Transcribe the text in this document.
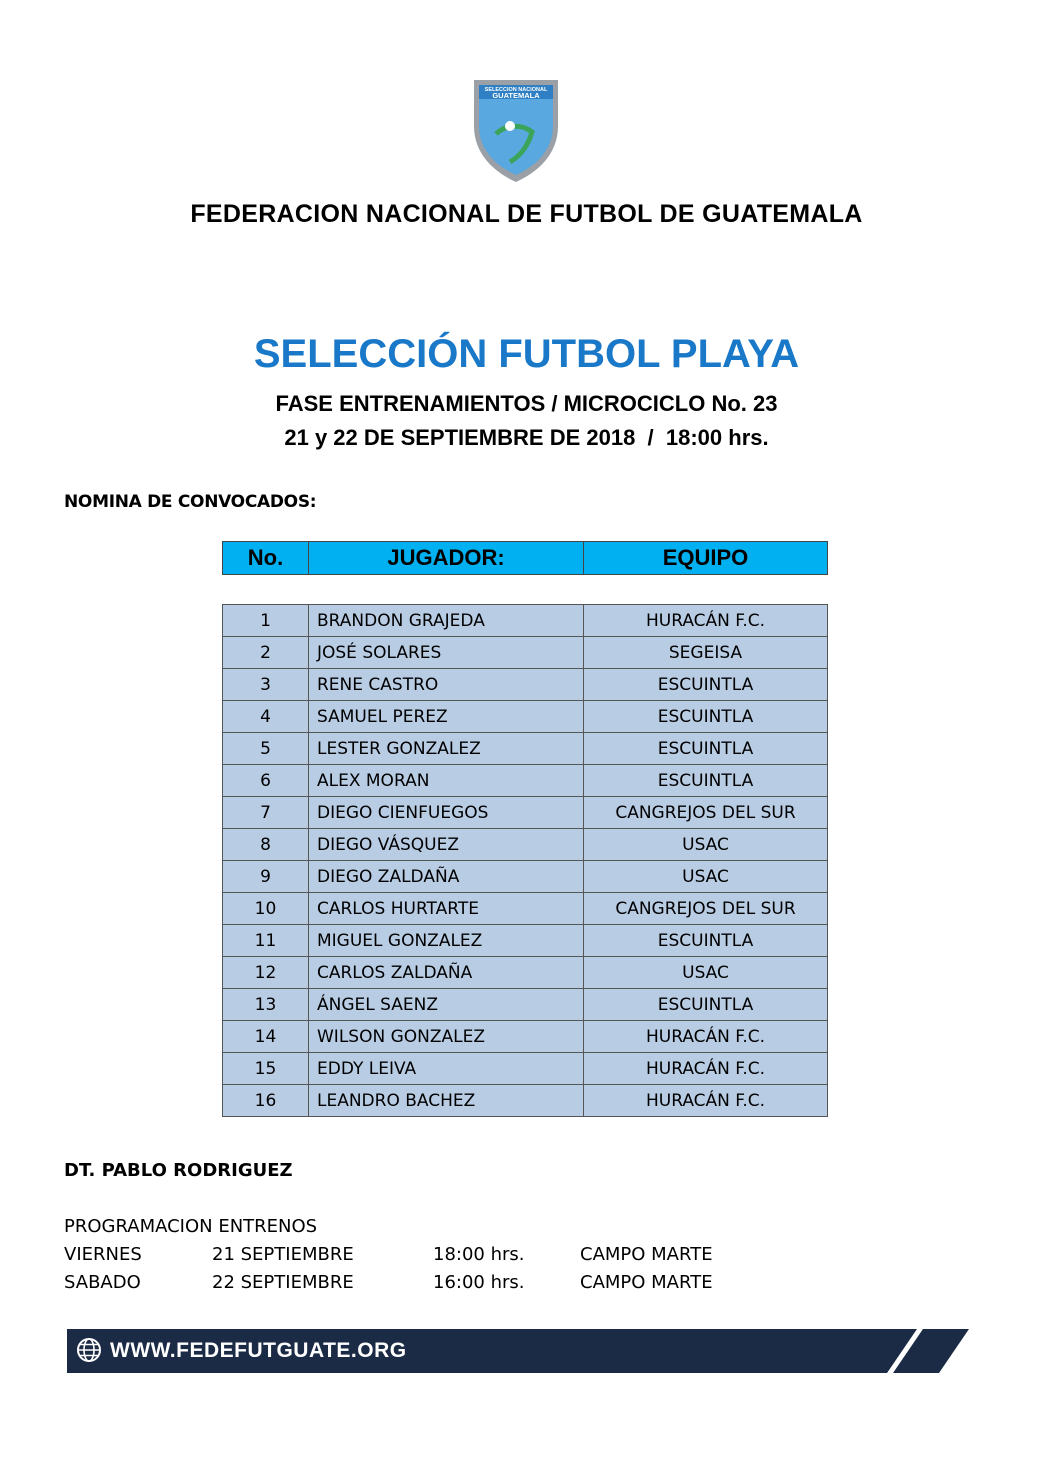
SELECCION NACIONAL
GUATEMALA
FEDERACION NACIONAL DE FUTBOL DE GUATEMALA
SELECCIÓN FUTBOL PLAYA
FASE ENTRENAMIENTOS / MICROCICLO No. 23
21 y 22 DE SEPTIEMBRE DE 2018  /  18:00 hrs.
NOMINA DE CONVOCADOS:
No.	JUGADOR:	EQUIPO
1	BRANDON GRAJEDA	HURACÁN F.C.
2	JOSÉ SOLARES	SEGEISA
3	RENE CASTRO	ESCUINTLA
4	SAMUEL PEREZ	ESCUINTLA
5	LESTER GONZALEZ	ESCUINTLA
6	ALEX MORAN	ESCUINTLA
7	DIEGO CIENFUEGOS	CANGREJOS DEL SUR
8	DIEGO VÁSQUEZ	USAC
9	DIEGO ZALDAÑA	USAC
10	CARLOS HURTARTE	CANGREJOS DEL SUR
11	MIGUEL GONZALEZ	ESCUINTLA
12	CARLOS ZALDAÑA	USAC
13	ÁNGEL SAENZ	ESCUINTLA
14	WILSON GONZALEZ	HURACÁN F.C.
15	EDDY LEIVA	HURACÁN F.C.
16	LEANDRO BACHEZ	HURACÁN F.C.
DT. PABLO RODRIGUEZ
PROGRAMACION ENTRENOS
VIERNES	21 SEPTIEMBRE	18:00 hrs.	CAMPO MARTE
SABADO	22 SEPTIEMBRE	16:00 hrs.	CAMPO MARTE
WWW.FEDEFUTGUATE.ORG
